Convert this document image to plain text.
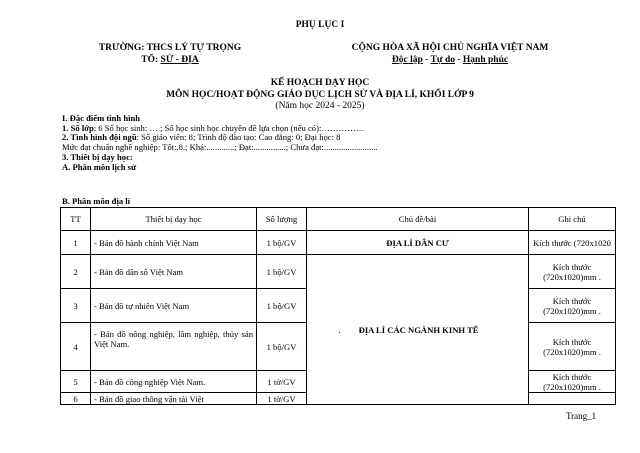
PHỤ LỤC I
TRƯỜNG: THCS LÝ TỰ TRỌNG
TỔ: SỬ - ĐỊA
CỘNG HÒA XÃ HỘI CHỦ NGHĨA VIỆT NAM
Độc lập - Tự do - Hạnh phúc
KẾ HOẠCH DẠY HỌC
MÔN HỌC/HOẠT ĐỘNG GIÁO DỤC LỊCH SỬ VÀ ĐỊA LÍ, KHỐI LỚP 9
(Năm học 2024 - 2025)
I. Đặc điểm tình hình
1. Số lớp: 6 Số học sinh: … ; Số học sinh học chuyên đề lựa chọn (nếu có):……………
2. Tình hình đội ngũ: Số giáo viên: 8; Trình độ đào tạo: Cao đẳng: 0; Đại học: 8
Mức đạt chuẩn nghề nghiệp: Tốt:.8.; Khá:.............; Đạt:...............; Chưa đạt:.........................
3. Thiết bị dạy học:
A. Phân môn lịch sử
B. Phân môn địa lí
TT	Thiết bị dạy học	Số lượng	Chủ đề/bài	Ghi chú	
1	- Bản đồ hành chính Việt Nam	1 bộ/GV	ĐỊA LÍ DÂN CƯ	Kích thước (720x1020	
2	- Bản đồ dân số Việt Nam	1 bộ/GV	. ĐỊA LÍ CÁC NGÀNH KINH TẾ	Kích thước (720x1020)mm .	
3	- Bản đồ tự nhiên Việt Nam	1 bộ/GV		Kích thước (720x1020)mm .	
4	- Bản đồ nông nghiệp, lâm nghiệp, thủy sản Việt Nam.	1 bộ/GV		Kích thước (720x1020)mm .	
5	- Bản đồ công nghiệp Việt Nam.	1 tờ/GV		Kích thước (720x1020)mm .	
6	- Bản đồ giao thông vận tải Việt	1 tờ/GV			
Trang_1
